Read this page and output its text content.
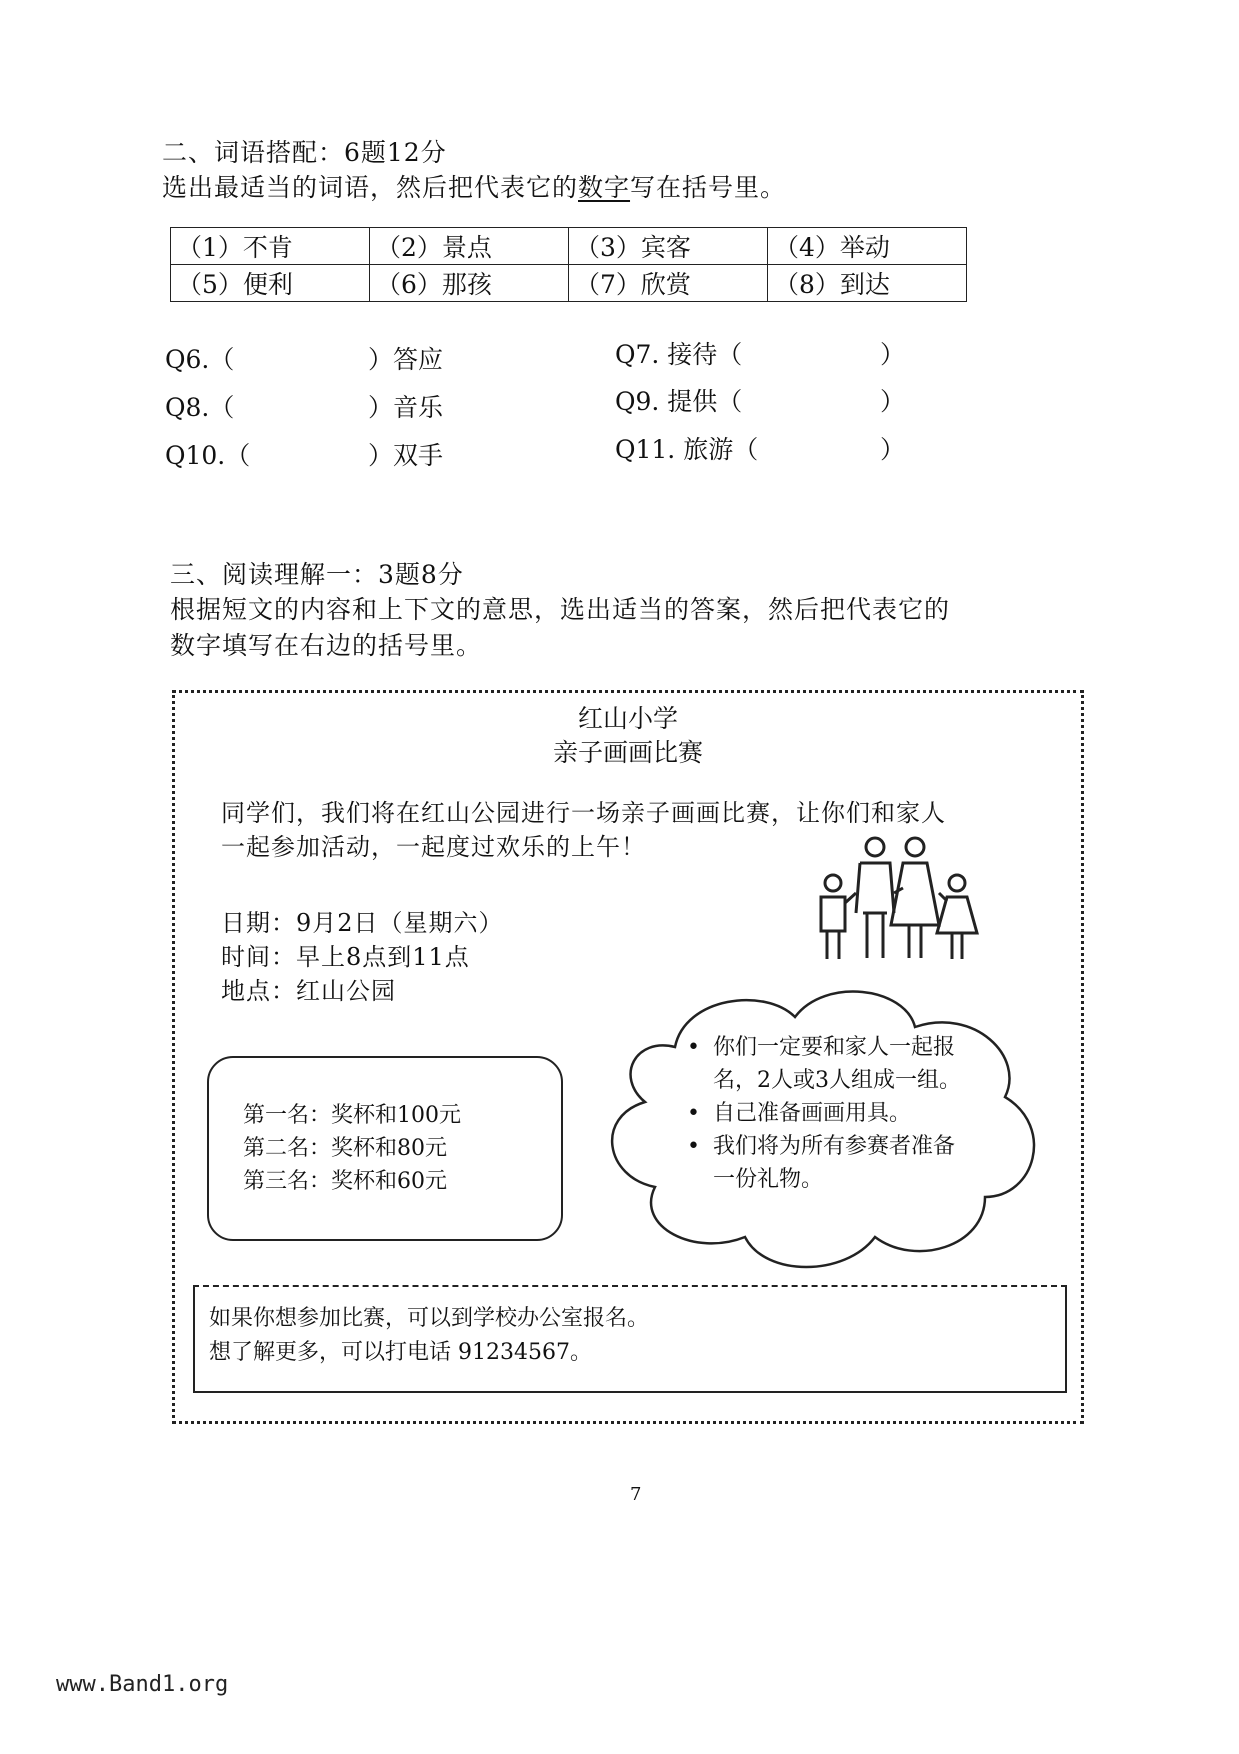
二、词语搭配：6题12分
选出最适当的词语，然后把代表它的数字写在括号里。
（1）不肯	（2）景点	（3）宾客	（4）举动
（5）便利	（6）那孩	（7）欣赏	（8）到达
Q6.（	）答应	Q7. 接待（	）
Q8.（	）音乐	Q9. 提供（	）
Q10.（	）双手	Q11. 旅游（	）
三、阅读理解一：3题8分
根据短文的内容和上下文的意思，选出适当的答案，然后把代表它的
数字填写在右边的括号里。
红山小学
亲子画画比赛
同学们，我们将在红山公园进行一场亲子画画比赛，让你们和家人
一起参加活动，一起度过欢乐的上午！
日期：9月2日（星期六）
时间：早上8点到11点
地点：红山公园
第一名：奖杯和100元
第二名：奖杯和80元
第三名：奖杯和60元
• 你们一定要和家人一起报名，2人或3人组成一组。
• 自己准备画画用具。
• 我们将为所有参赛者准备一份礼物。
如果你想参加比赛，可以到学校办公室报名。
想了解更多，可以打电话 91234567。
7
www.Band1.org
